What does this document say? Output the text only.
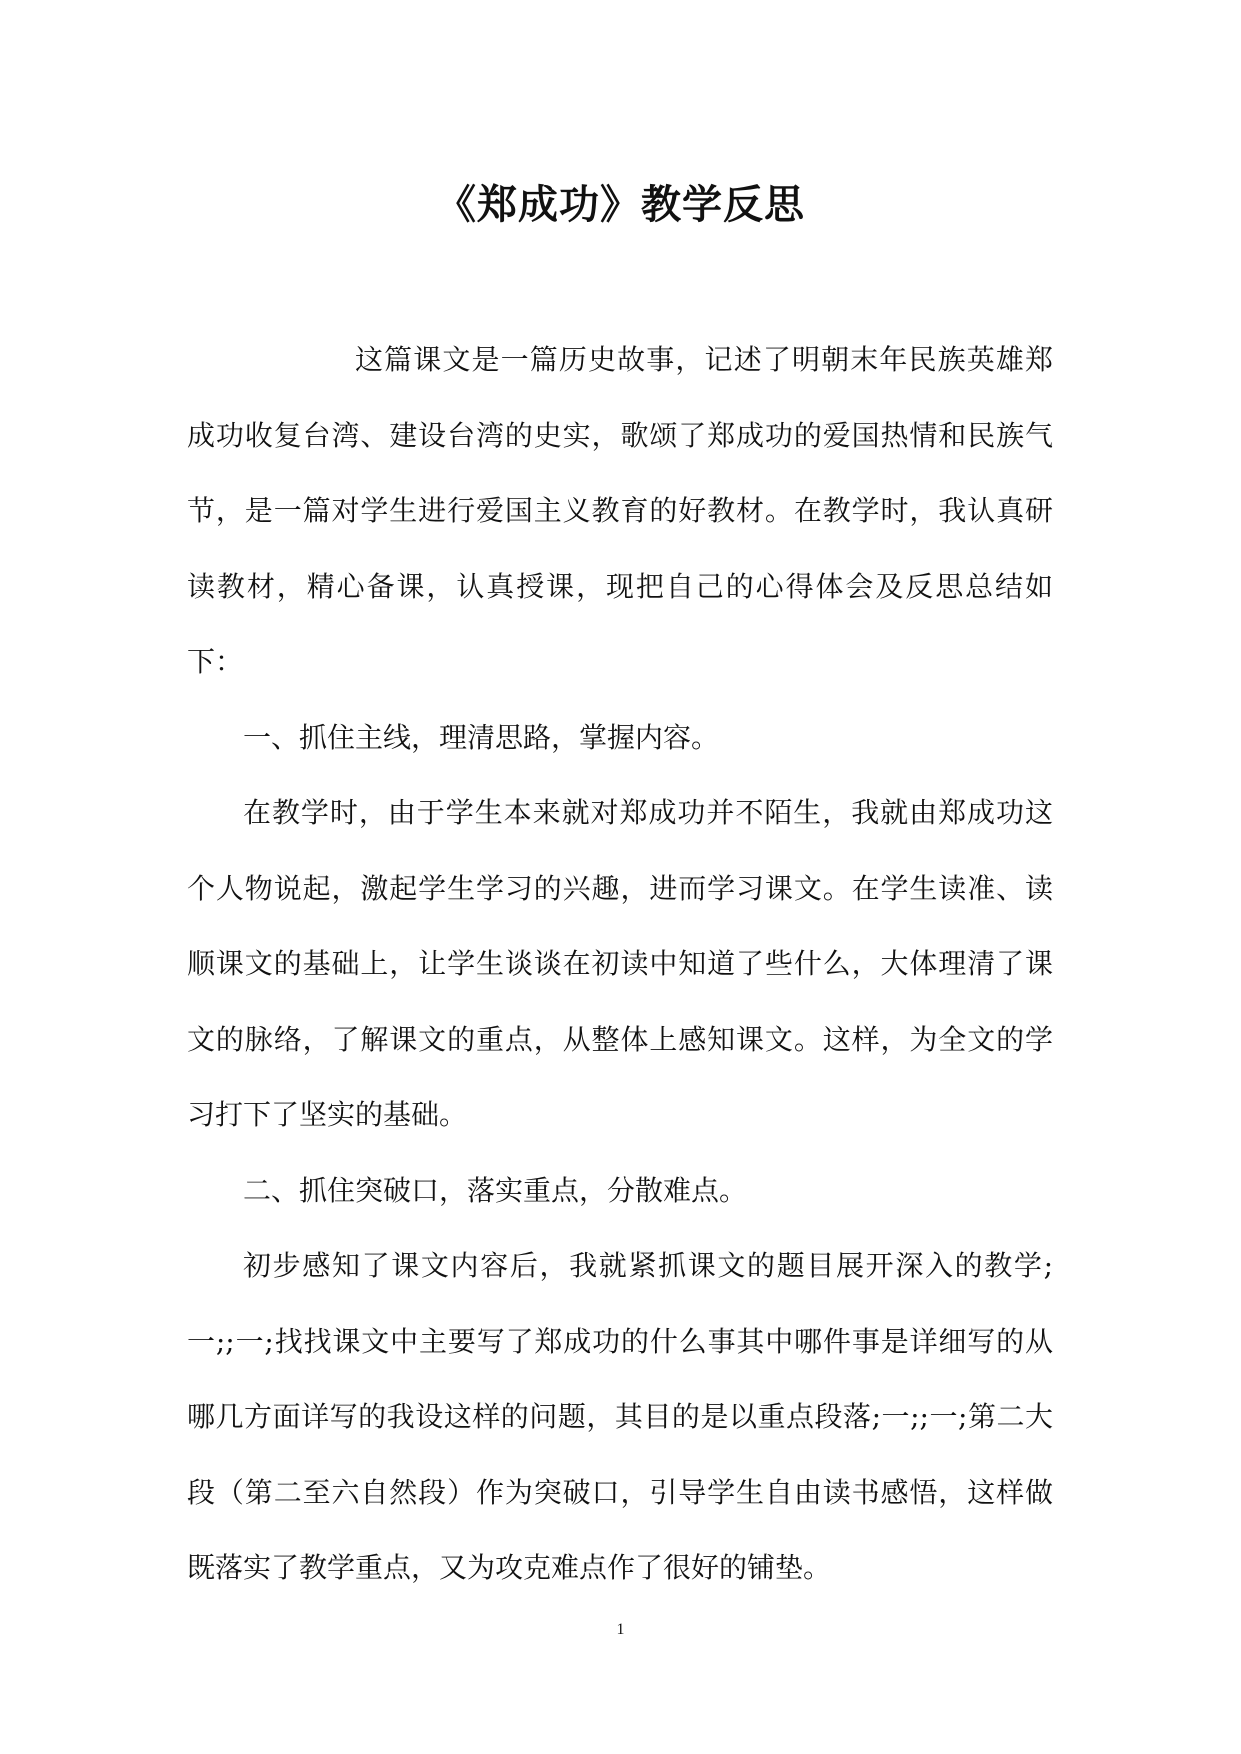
《郑成功》教学反思

这篇课文是一篇历史故事，记述了明朝末年民族英雄郑成功收复台湾、建设台湾的史实，歌颂了郑成功的爱国热情和民族气节，是一篇对学生进行爱国主义教育的好教材。在教学时，我认真研读教材，精心备课，认真授课，现把自己的心得体会及反思总结如下：

一、抓住主线，理清思路，掌握内容。

在教学时，由于学生本来就对郑成功并不陌生，我就由郑成功这个人物说起，激起学生学习的兴趣，进而学习课文。在学生读准、读顺课文的基础上，让学生谈谈在初读中知道了些什么，大体理清了课文的脉络，了解课文的重点，从整体上感知课文。这样，为全文的学习打下了坚实的基础。

二、抓住突破口，落实重点，分散难点。

初步感知了课文内容后，我就紧抓课文的题目展开深入的教学;一;;一;找找课文中主要写了郑成功的什么事其中哪件事是详细写的从哪几方面详写的我设这样的问题，其目的是以重点段落;一;;一;第二大段（第二至六自然段）作为突破口，引导学生自由读书感悟，这样做既落实了教学重点，又为攻克难点作了很好的铺垫。

1
